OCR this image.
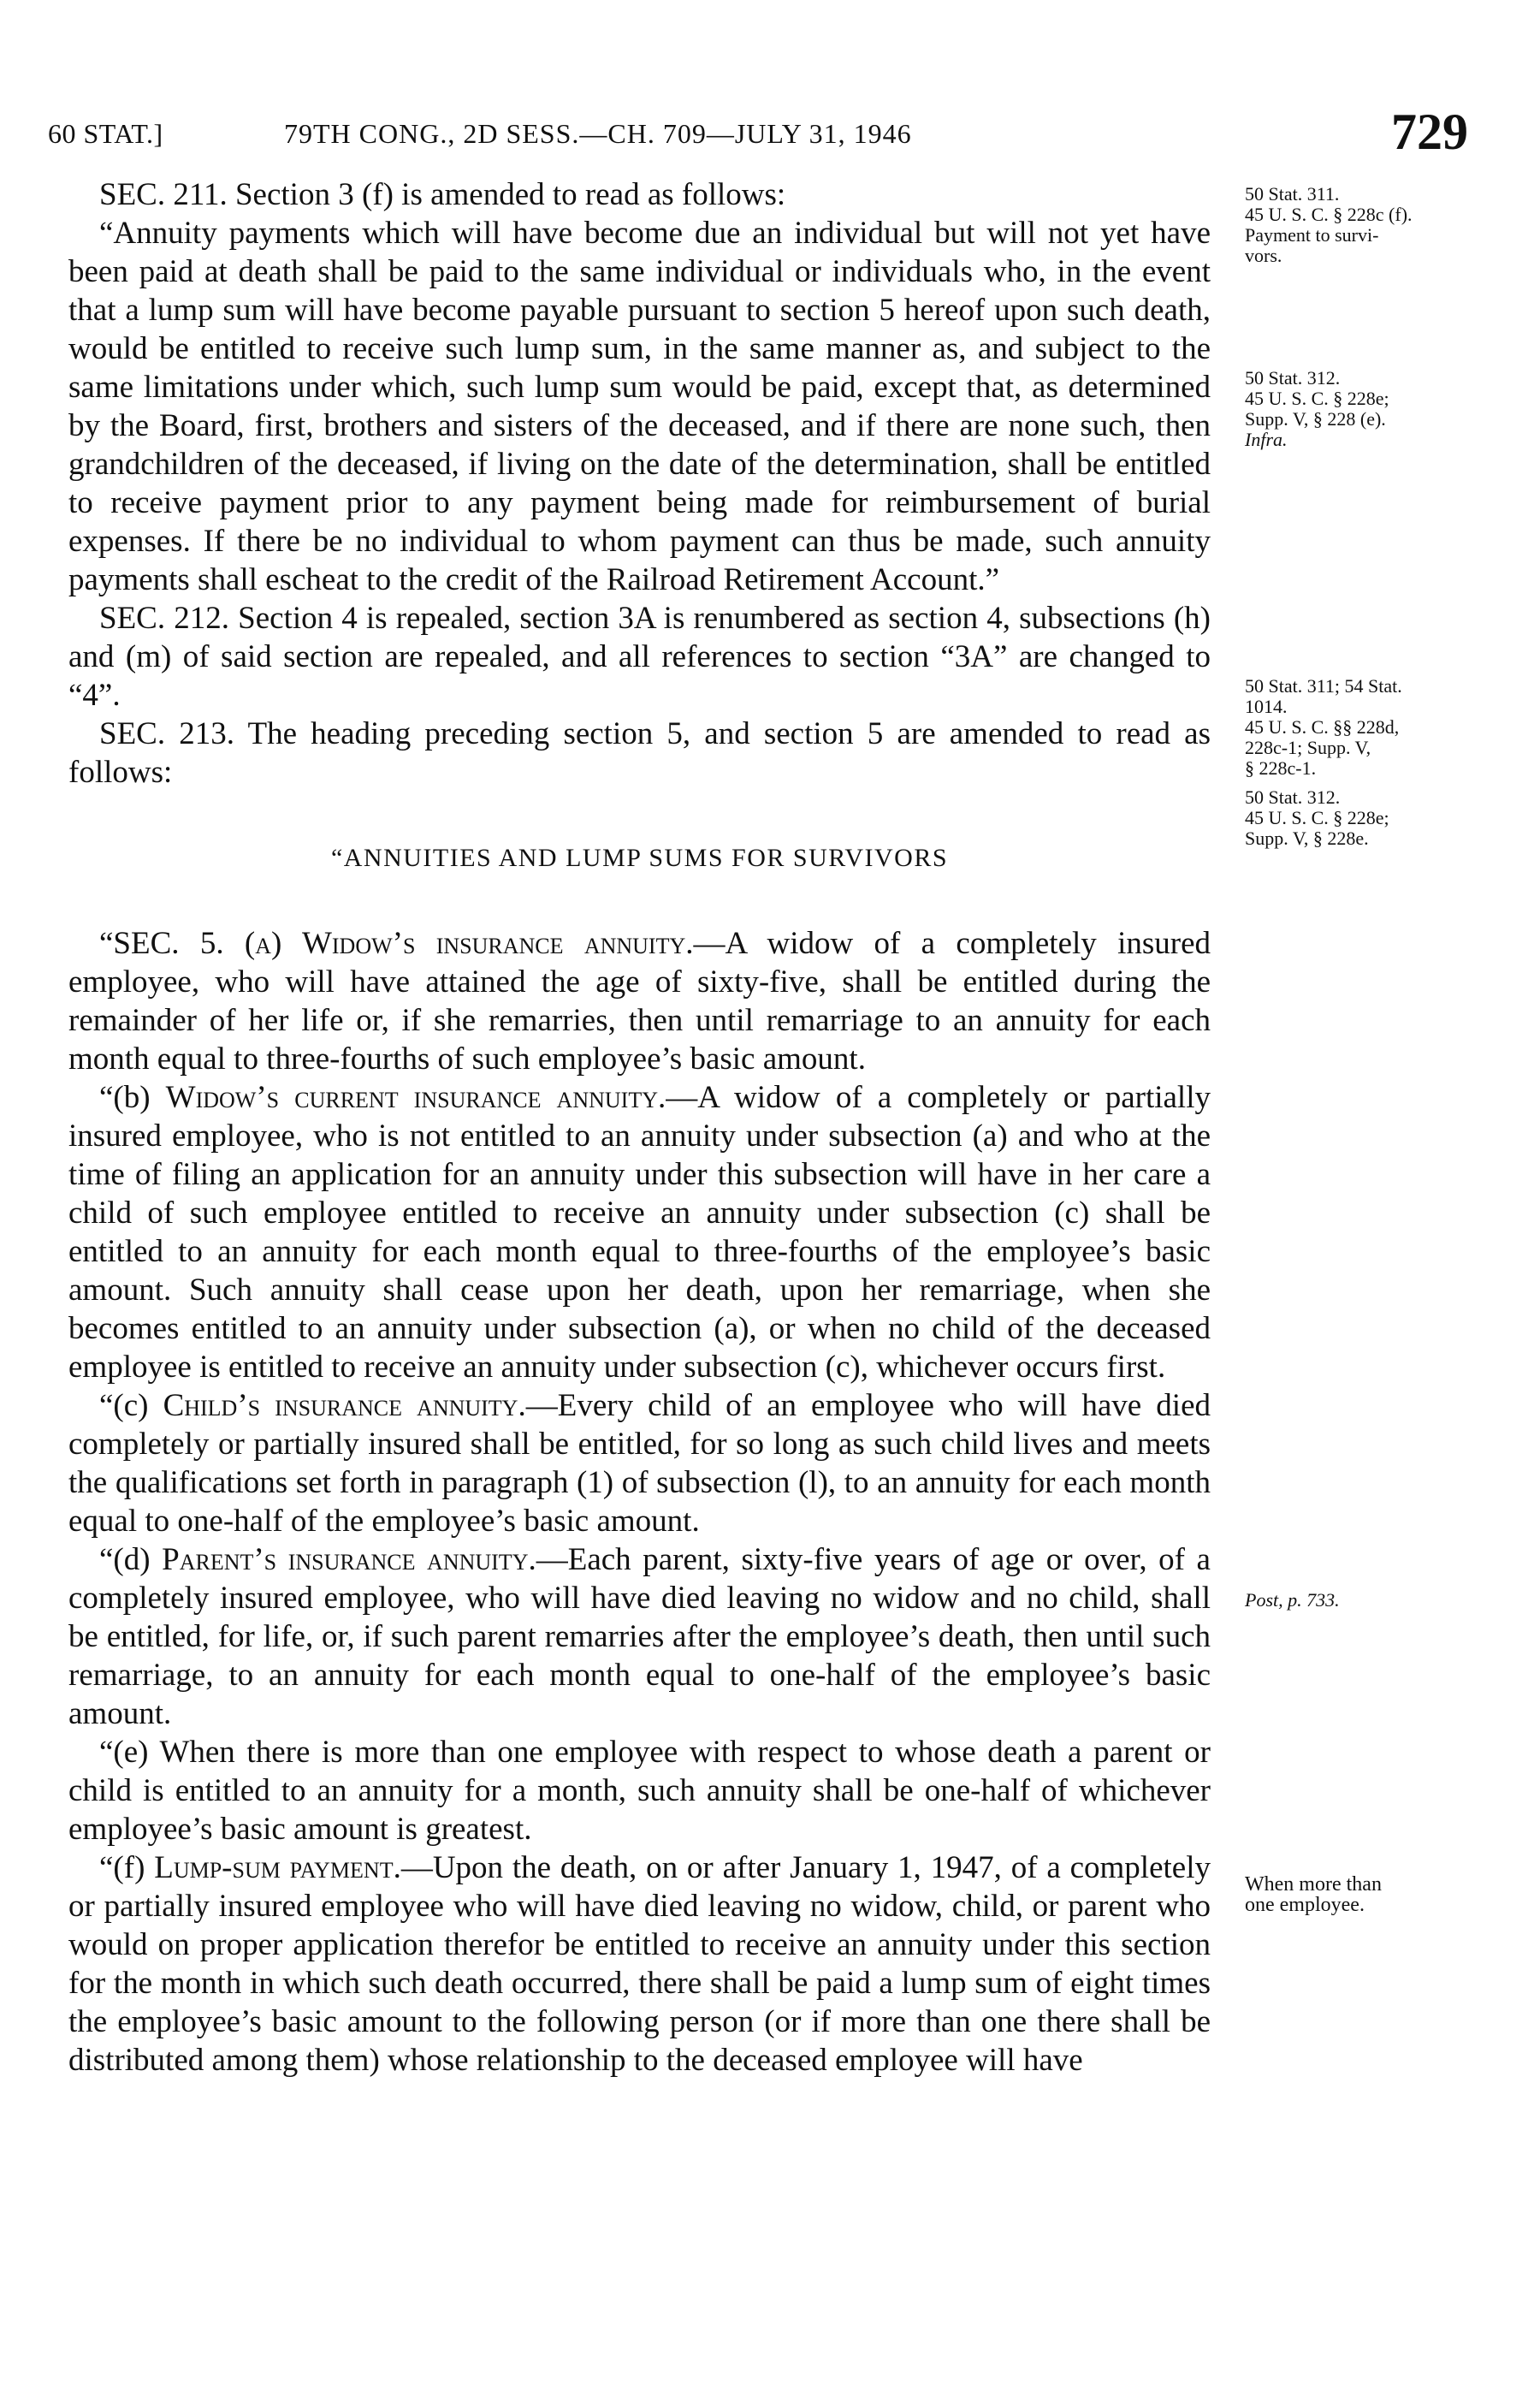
60 STAT.]	79TH CONG., 2D SESS.—CH. 709—JULY 31, 1946	729

SEC. 211. Section 3 (f) is amended to read as follows:

“Annuity payments which will have become due an individual but will not yet have been paid at death shall be paid to the same individual or individuals who, in the event that a lump sum will have become payable pursuant to section 5 hereof upon such death, would be entitled to receive such lump sum, in the same manner as, and subject to the same limitations under which, such lump sum would be paid, except that, as determined by the Board, first, brothers and sisters of the deceased, and if there are none such, then grandchildren of the deceased, if living on the date of the determination, shall be entitled to receive payment prior to any payment being made for reimbursement of burial expenses. If there be no individual to whom payment can thus be made, such annuity payments shall escheat to the credit of the Railroad Retirement Account.”

SEC. 212. Section 4 is repealed, section 3A is renumbered as section 4, subsections (h) and (m) of said section are repealed, and all references to section “3A” are changed to “4”.

SEC. 213. The heading preceding section 5, and section 5 are amended to read as follows:

“ANNUITIES AND LUMP SUMS FOR SURVIVORS

“SEC. 5. (a) Widow’s insurance annuity.—A widow of a completely insured employee, who will have attained the age of sixty-five, shall be entitled during the remainder of her life or, if she remarries, then until remarriage to an annuity for each month equal to three-fourths of such employee’s basic amount.

“(b) Widow’s current insurance annuity.—A widow of a completely or partially insured employee, who is not entitled to an annuity under subsection (a) and who at the time of filing an application for an annuity under this subsection will have in her care a child of such employee entitled to receive an annuity under subsection (c) shall be entitled to an annuity for each month equal to three-fourths of the employee’s basic amount. Such annuity shall cease upon her death, upon her remarriage, when she becomes entitled to an annuity under subsection (a), or when no child of the deceased employee is entitled to receive an annuity under subsection (c), whichever occurs first.

“(c) Child’s insurance annuity.—Every child of an employee who will have died completely or partially insured shall be entitled, for so long as such child lives and meets the qualifications set forth in paragraph (1) of subsection (l), to an annuity for each month equal to one-half of the employee’s basic amount.

“(d) Parent’s insurance annuity.—Each parent, sixty-five years of age or over, of a completely insured employee, who will have died leaving no widow and no child, shall be entitled, for life, or, if such parent remarries after the employee’s death, then until such remarriage, to an annuity for each month equal to one-half of the employee’s basic amount.

“(e) When there is more than one employee with respect to whose death a parent or child is entitled to an annuity for a month, such annuity shall be one-half of whichever employee’s basic amount is greatest.

“(f) Lump-sum payment.—Upon the death, on or after January 1, 1947, of a completely or partially insured employee who will have died leaving no widow, child, or parent who would on proper application therefor be entitled to receive an annuity under this section for the month in which such death occurred, there shall be paid a lump sum of eight times the employee’s basic amount to the following person (or if more than one there shall be distributed among them) whose relationship to the deceased employee will have

50 Stat. 311.
45 U. S. C. § 228c (f).
Payment to survi-
vors.
50 Stat. 312.
45 U. S. C. § 228e;
Supp. V, § 228 (e).
Infra.
50 Stat. 311; 54 Stat.
1014.
45 U. S. C. §§ 228d,
228c-1; Supp. V,
§ 228c-1.
50 Stat. 312.
45 U. S. C. § 228e;
Supp. V, § 228e.
Post, p. 733.
When more than
one employee.
